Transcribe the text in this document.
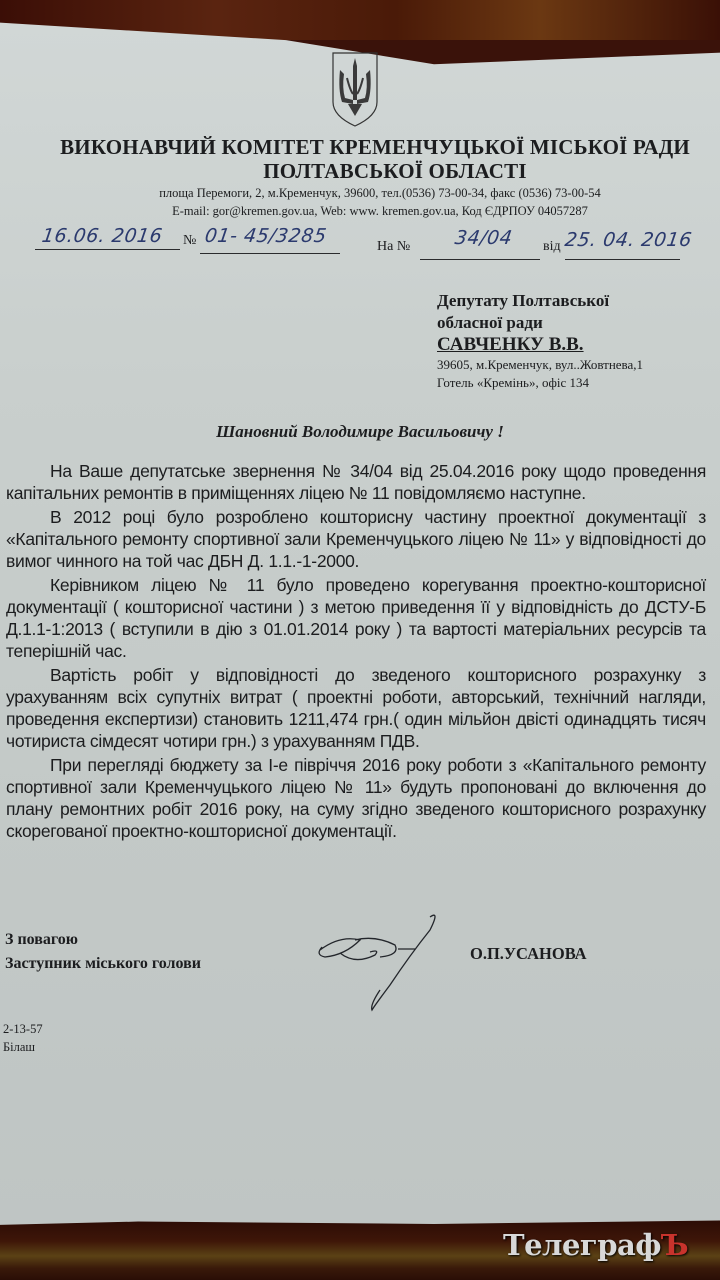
ВИКОНАВЧИЙ КОМІТЕТ КРЕМЕНЧУЦЬКОЇ МІСЬКОЇ РАДИ
ПОЛТАВСЬКОЇ ОБЛАСТІ
площа Перемоги, 2, м.Кременчук, 39600, тел.(0536) 73-00-34, факс (0536) 73-00-54
E-mail: gor@kremen.gov.ua, Web: www. kremen.gov.ua, Код ЄДРПОУ 04057287
16.06. 2016 № 01- 45/3285	На № 34/04 від 25. 04. 2016
Депутату Полтавської
обласної ради
САВЧЕНКУ В.В.
39605, м.Кременчук, вул..Жовтнева,1
Готель «Кремінь», офіс 134
Шановний Володимире Васильовичу !

На Ваше депутатське звернення № 34/04 від 25.04.2016 року щодо проведення капітальних ремонтів в приміщеннях ліцею № 11 повідомляємо наступне.

В 2012 році було розроблено кошторисну частину проектної документації з «Капітального ремонту спортивної зали Кременчуцького ліцею № 11» у відповідності до вимог чинного на той час ДБН Д. 1.1.-1-2000.

Керівником ліцею № 11 було проведено корегування проектно-кошторисної документації ( кошторисної частини ) з метою приведення її у відповідність до ДСТУ-Б Д.1.1-1:2013 ( вступили в дію з 01.01.2014 року ) та вартості матеріальних ресурсів та теперішній час.

Вартість робіт у відповідності до зведеного кошторисного розрахунку з урахуванням всіх супутніх витрат ( проектні роботи, авторський, технічний нагляди, проведення експертизи) становить 1211,474 грн.( один мільйон двісті одинадцять тисяч чотириста сімдесят чотири грн.) з урахуванням ПДВ.

При перегляді бюджету за І-е півріччя 2016 року роботи з «Капітального ремонту спортивної зали Кременчуцького ліцею № 11» будуть пропоновані до включення до плану ремонтних робіт 2016 року, на суму згідно зведеного кошторисного розрахунку скорегованої проектно-кошторисної документації.

З повагою
Заступник міського голови
О.П.УСАНОВА
2-13-57
Білаш
ТелеграфЪ
